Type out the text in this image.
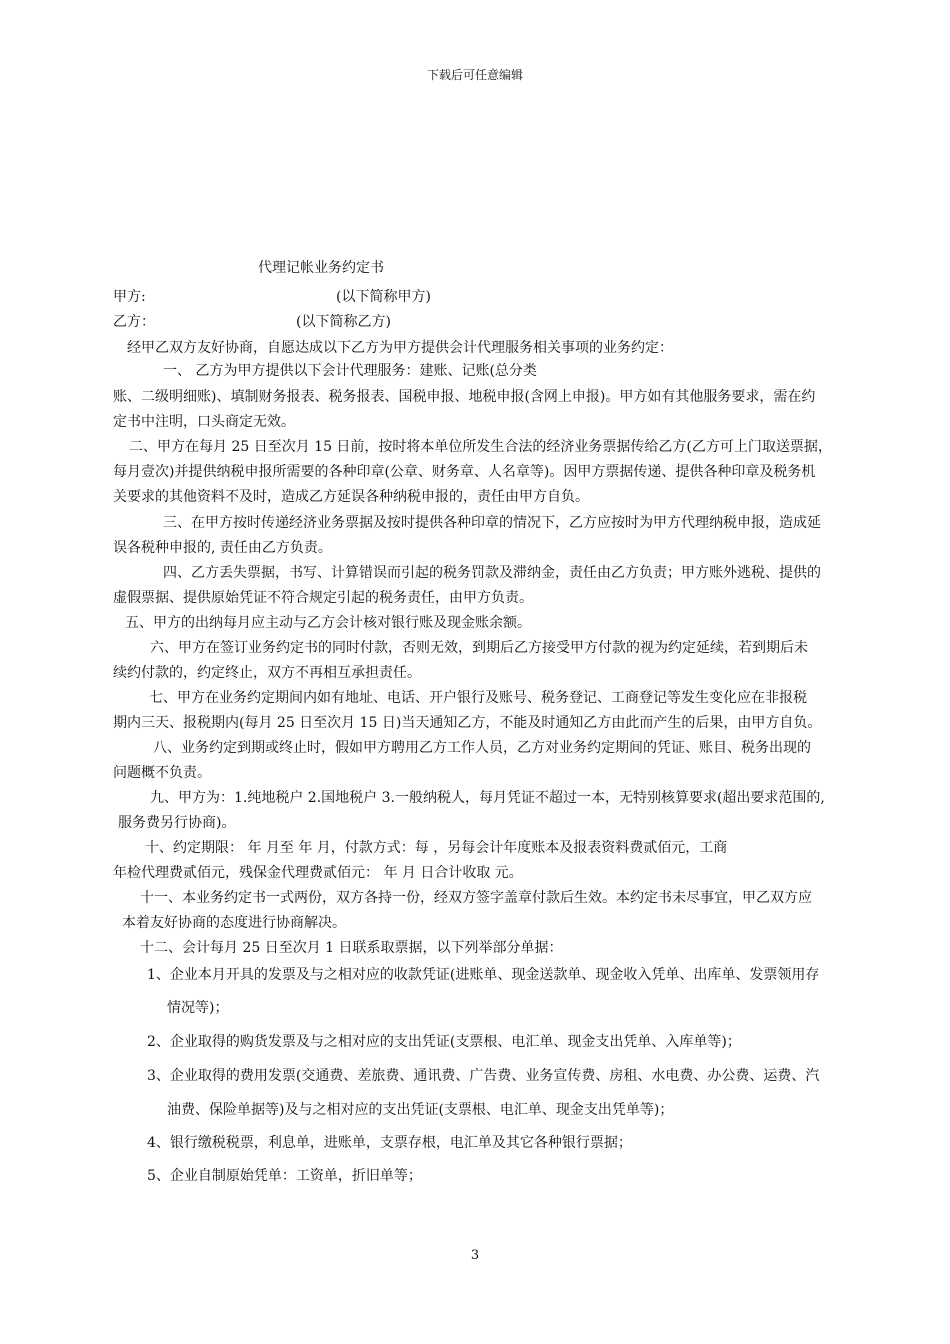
下载后可任意编辑
代理记帐业务约定书
甲方:	(以下简称甲方)
乙方：	(以下简称乙方)
经甲乙双方友好协商，自愿达成以下乙方为甲方提供会计代理服务相关事项的业务约定：
一、 乙方为甲方提供以下会计代理服务：建账、记账(总分类
账、二级明细账)、填制财务报表、税务报表、国税申报、地税申报(含网上申报)。甲方如有其他服务要求，需在约
定书中注明，口头商定无效。
二、甲方在每月 25 日至次月 15 日前，按时将本单位所发生合法的经济业务票据传给乙方(乙方可上门取送票据，
每月壹次)并提供纳税申报所需要的各种印章(公章、财务章、人名章等)。因甲方票据传递、提供各种印章及税务机
关要求的其他资料不及时，造成乙方延误各种纳税申报的，责任由甲方自负。
三、在甲方按时传递经济业务票据及按时提供各种印章的情况下，乙方应按时为甲方代理纳税申报，造成延
误各税种申报的, 责任由乙方负责。
四、乙方丢失票据，书写、计算错误而引起的税务罚款及滞纳金，责任由乙方负责；甲方账外逃税、提供的
虚假票据、提供原始凭证不符合规定引起的税务责任，由甲方负责。
五、甲方的出纳每月应主动与乙方会计核对银行账及现金账余额。
六、甲方在签订业务约定书的同时付款，否则无效，到期后乙方接受甲方付款的视为约定延续，若到期后未
续约付款的，约定终止，双方不再相互承担责任。
七、甲方在业务约定期间内如有地址、电话、开户银行及账号、税务登记、工商登记等发生变化应在非报税
期内三天、报税期内(每月 25 日至次月 15 日)当天通知乙方，不能及时通知乙方由此而产生的后果，由甲方自负。
八、业务约定到期或终止时，假如甲方聘用乙方工作人员，乙方对业务约定期间的凭证、账目、税务出现的
问题概不负责。
九、甲方为：1.纯地税户 2.国地税户 3.一般纳税人，每月凭证不超过一本，无特别核算要求(超出要求范围的,
服务费另行协商)。
十、约定期限： 年 月至 年 月，付款方式：每 ，另每会计年度账本及报表资料费贰佰元，工商
年检代理费贰佰元，残保金代理费贰佰元： 年 月 日合计收取 元。
十一、本业务约定书一式两份，双方各持一份，经双方签字盖章付款后生效。本约定书未尽事宜，甲乙双方应
本着友好协商的态度进行协商解决。
十二、会计每月 25 日至次月 1 日联系取票据，以下列举部分单据：
1、企业本月开具的发票及与之相对应的收款凭证(进账单、现金送款单、现金收入凭单、出库单、发票领用存
情况等)；
2、企业取得的购货发票及与之相对应的支出凭证(支票根、电汇单、现金支出凭单、入库单等)；
3、企业取得的费用发票(交通费、差旅费、通讯费、广告费、业务宣传费、房租、水电费、办公费、运费、汽
油费、保险单据等)及与之相对应的支出凭证(支票根、电汇单、现金支出凭单等)；
4、银行缴税税票，利息单，进账单，支票存根，电汇单及其它各种银行票据；
5、企业自制原始凭单：工资单，折旧单等；
3
